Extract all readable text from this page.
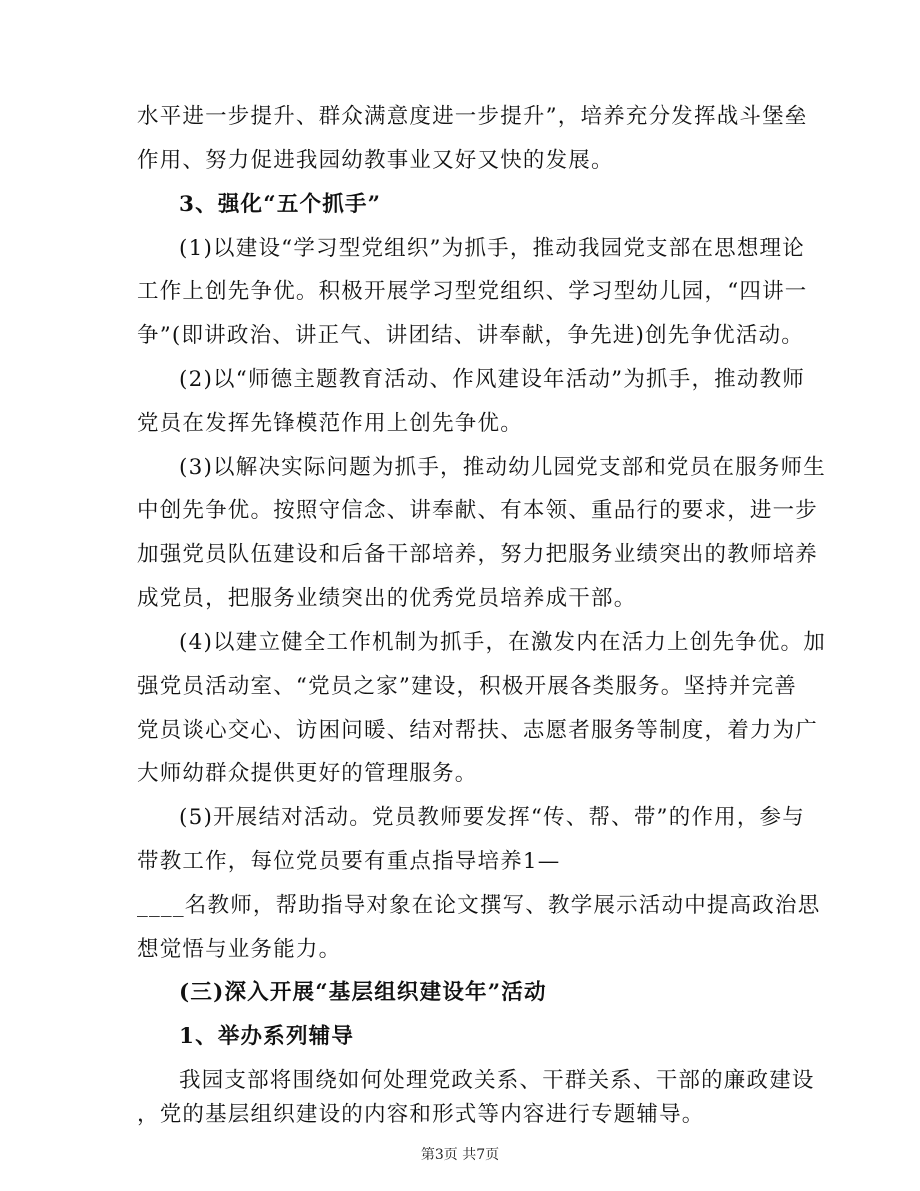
水平进一步提升、群众满意度进一步提升”，培养充分发挥战斗堡垒
作用、努力促进我园幼教事业又好又快的发展。
3、强化“五个抓手”
(1)以建设“学习型党组织”为抓手，推动我园党支部在思想理论
工作上创先争优。积极开展学习型党组织、学习型幼儿园，“四讲一
争”(即讲政治、讲正气、讲团结、讲奉献，争先进)创先争优活动。
(2)以“师德主题教育活动、作风建设年活动”为抓手，推动教师
党员在发挥先锋模范作用上创先争优。
(3)以解决实际问题为抓手，推动幼儿园党支部和党员在服务师生
中创先争优。按照守信念、讲奉献、有本领、重品行的要求，进一步
加强党员队伍建设和后备干部培养，努力把服务业绩突出的教师培养
成党员，把服务业绩突出的优秀党员培养成干部。
(4)以建立健全工作机制为抓手，在激发内在活力上创先争优。加
强党员活动室、“党员之家”建设，积极开展各类服务。坚持并完善
党员谈心交心、访困问暖、结对帮扶、志愿者服务等制度，着力为广
大师幼群众提供更好的管理服务。
(5)开展结对活动。党员教师要发挥“传、帮、带”的作用，参与
带教工作，每位党员要有重点指导培养1—
____名教师，帮助指导对象在论文撰写、教学展示活动中提高政治思
想觉悟与业务能力。
(三)深入开展“基层组织建设年”活动
1、举办系列辅导
我园支部将围绕如何处理党政关系、干群关系、干部的廉政建设
，党的基层组织建设的内容和形式等内容进行专题辅导。
第3页 共7页
